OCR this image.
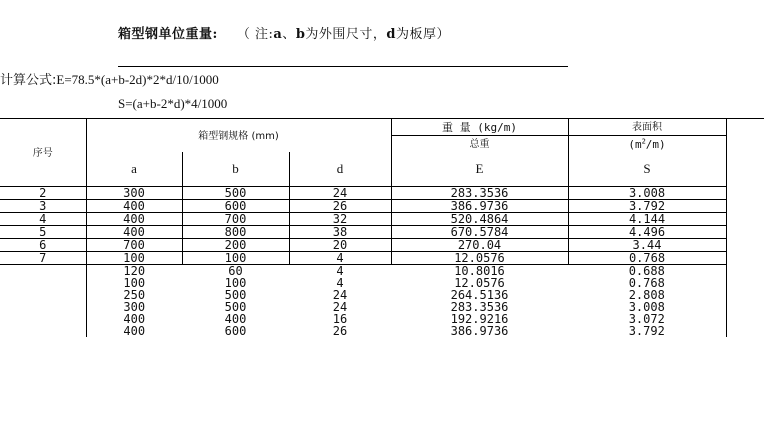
箱型钢单位重量: （ 注:a、b为外围尺寸，d为板厚）
计算公式:E=78.5*(a+b-2d)*2*d/10/1000
S=(a+b-2*d)*4/1000
序号	箱型钢规格 (mm)			重 量 (kg/m)	表面积
				总重	$(m^2/m)$
	a	b	d	E	S
2	300	500	24	283.3536	3.008
3	400	600	26	386.9736	3.792
4	400	700	32	520.4864	4.144
5	400	800	38	670.5784	4.496
6	700	200	20	270.04	3.44
7	100	100	4	12.0576	0.768
	120	60	4	10.8016	0.688
	100	100	4	12.0576	0.768
	250	500	24	264.5136	2.808
	300	500	24	283.3536	3.008
	400	400	16	192.9216	3.072
	400	600	26	386.9736	3.792
